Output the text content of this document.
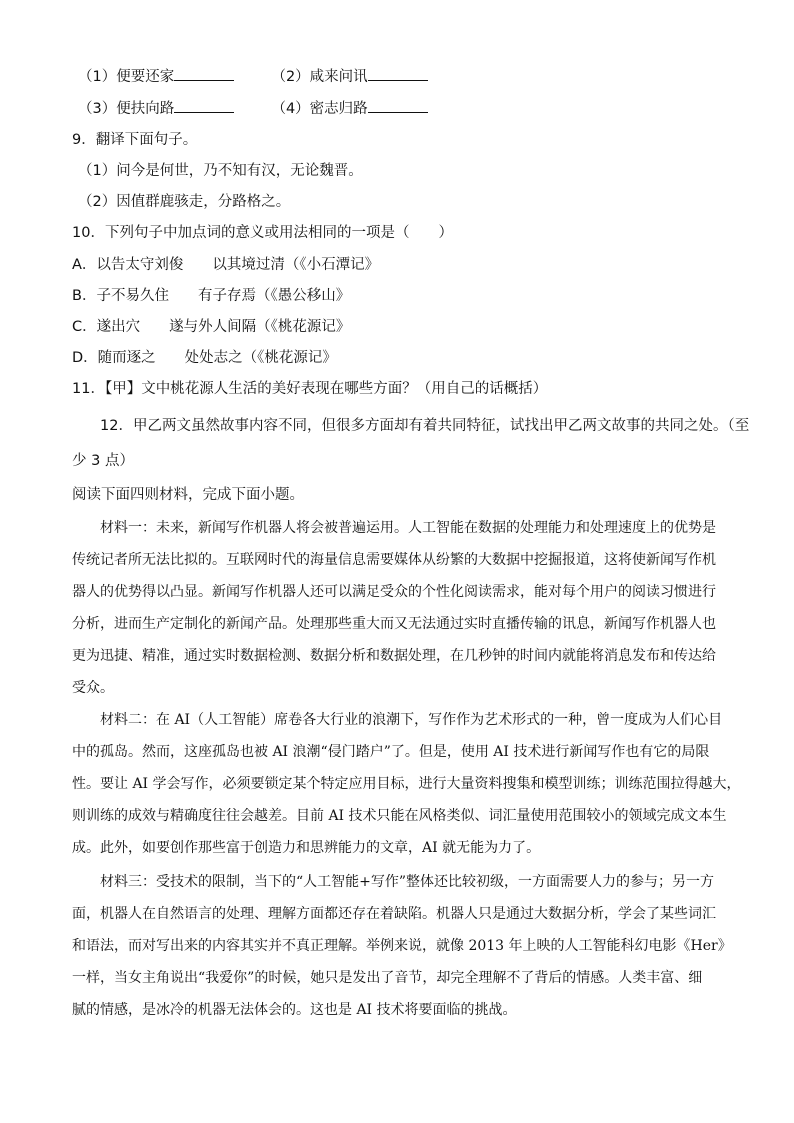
（1）便要还家	（2）咸来问讯
（3）便扶向路	（4）密志归路
9．翻译下面句子。
（1）问今是何世，乃不知有汉，无论魏晋。
（2）因值群鹿骇走，分路格之。
10．下列句子中加点词的意义或用法相同的一项是（　　）
A．以告太守刘俊　　以其境过清（《小石潭记》
B．子不易久住　　有子存焉（《愚公移山》
C．遂出穴　　遂与外人间隔（《桃花源记》
D．随而逐之　　处处志之（《桃花源记》
11．【甲】文中桃花源人生活的美好表现在哪些方面？（用自己的话概括）
12．甲乙两文虽然故事内容不同，但很多方面却有着共同特征，试找出甲乙两文故事的共同之处。（至
少 3 点）
阅读下面四则材料，完成下面小题。
材料一：未来，新闻写作机器人将会被普遍运用。人工智能在数据的处理能力和处理速度上的优势是
传统记者所无法比拟的。互联网时代的海量信息需要媒体从纷繁的大数据中挖掘报道，这将使新闻写作机
器人的优势得以凸显。新闻写作机器人还可以满足受众的个性化阅读需求，能对每个用户的阅读习惯进行
分析，进而生产定制化的新闻产品。处理那些重大而又无法通过实时直播传输的讯息，新闻写作机器人也
更为迅捷、精准，通过实时数据检测、数据分析和数据处理，在几秒钟的时间内就能将消息发布和传达给
受众。
材料二：在 AI（人工智能）席卷各大行业的浪潮下，写作作为艺术形式的一种，曾一度成为人们心目
中的孤岛。然而，这座孤岛也被 AI 浪潮“侵门踏户”了。但是，使用 AI 技术进行新闻写作也有它的局限
性。要让 AI 学会写作，必须要锁定某个特定应用目标，进行大量资料搜集和模型训练；训练范围拉得越大，
则训练的成效与精确度往往会越差。目前 AI 技术只能在风格类似、词汇量使用范围较小的领域完成文本生
成。此外，如要创作那些富于创造力和思辨能力的文章，AI 就无能为力了。
材料三：受技术的限制，当下的“人工智能+写作”整体还比较初级，一方面需要人力的参与；另一方
面，机器人在自然语言的处理、理解方面都还存在着缺陷。机器人只是通过大数据分析，学会了某些词汇
和语法，而对写出来的内容其实并不真正理解。举例来说，就像 2013 年上映的人工智能科幻电影《Her》
一样，当女主角说出“我爱你”的时候，她只是发出了音节，却完全理解不了背后的情感。人类丰富、细
腻的情感，是冰冷的机器无法体会的。这也是 AI 技术将要面临的挑战。
